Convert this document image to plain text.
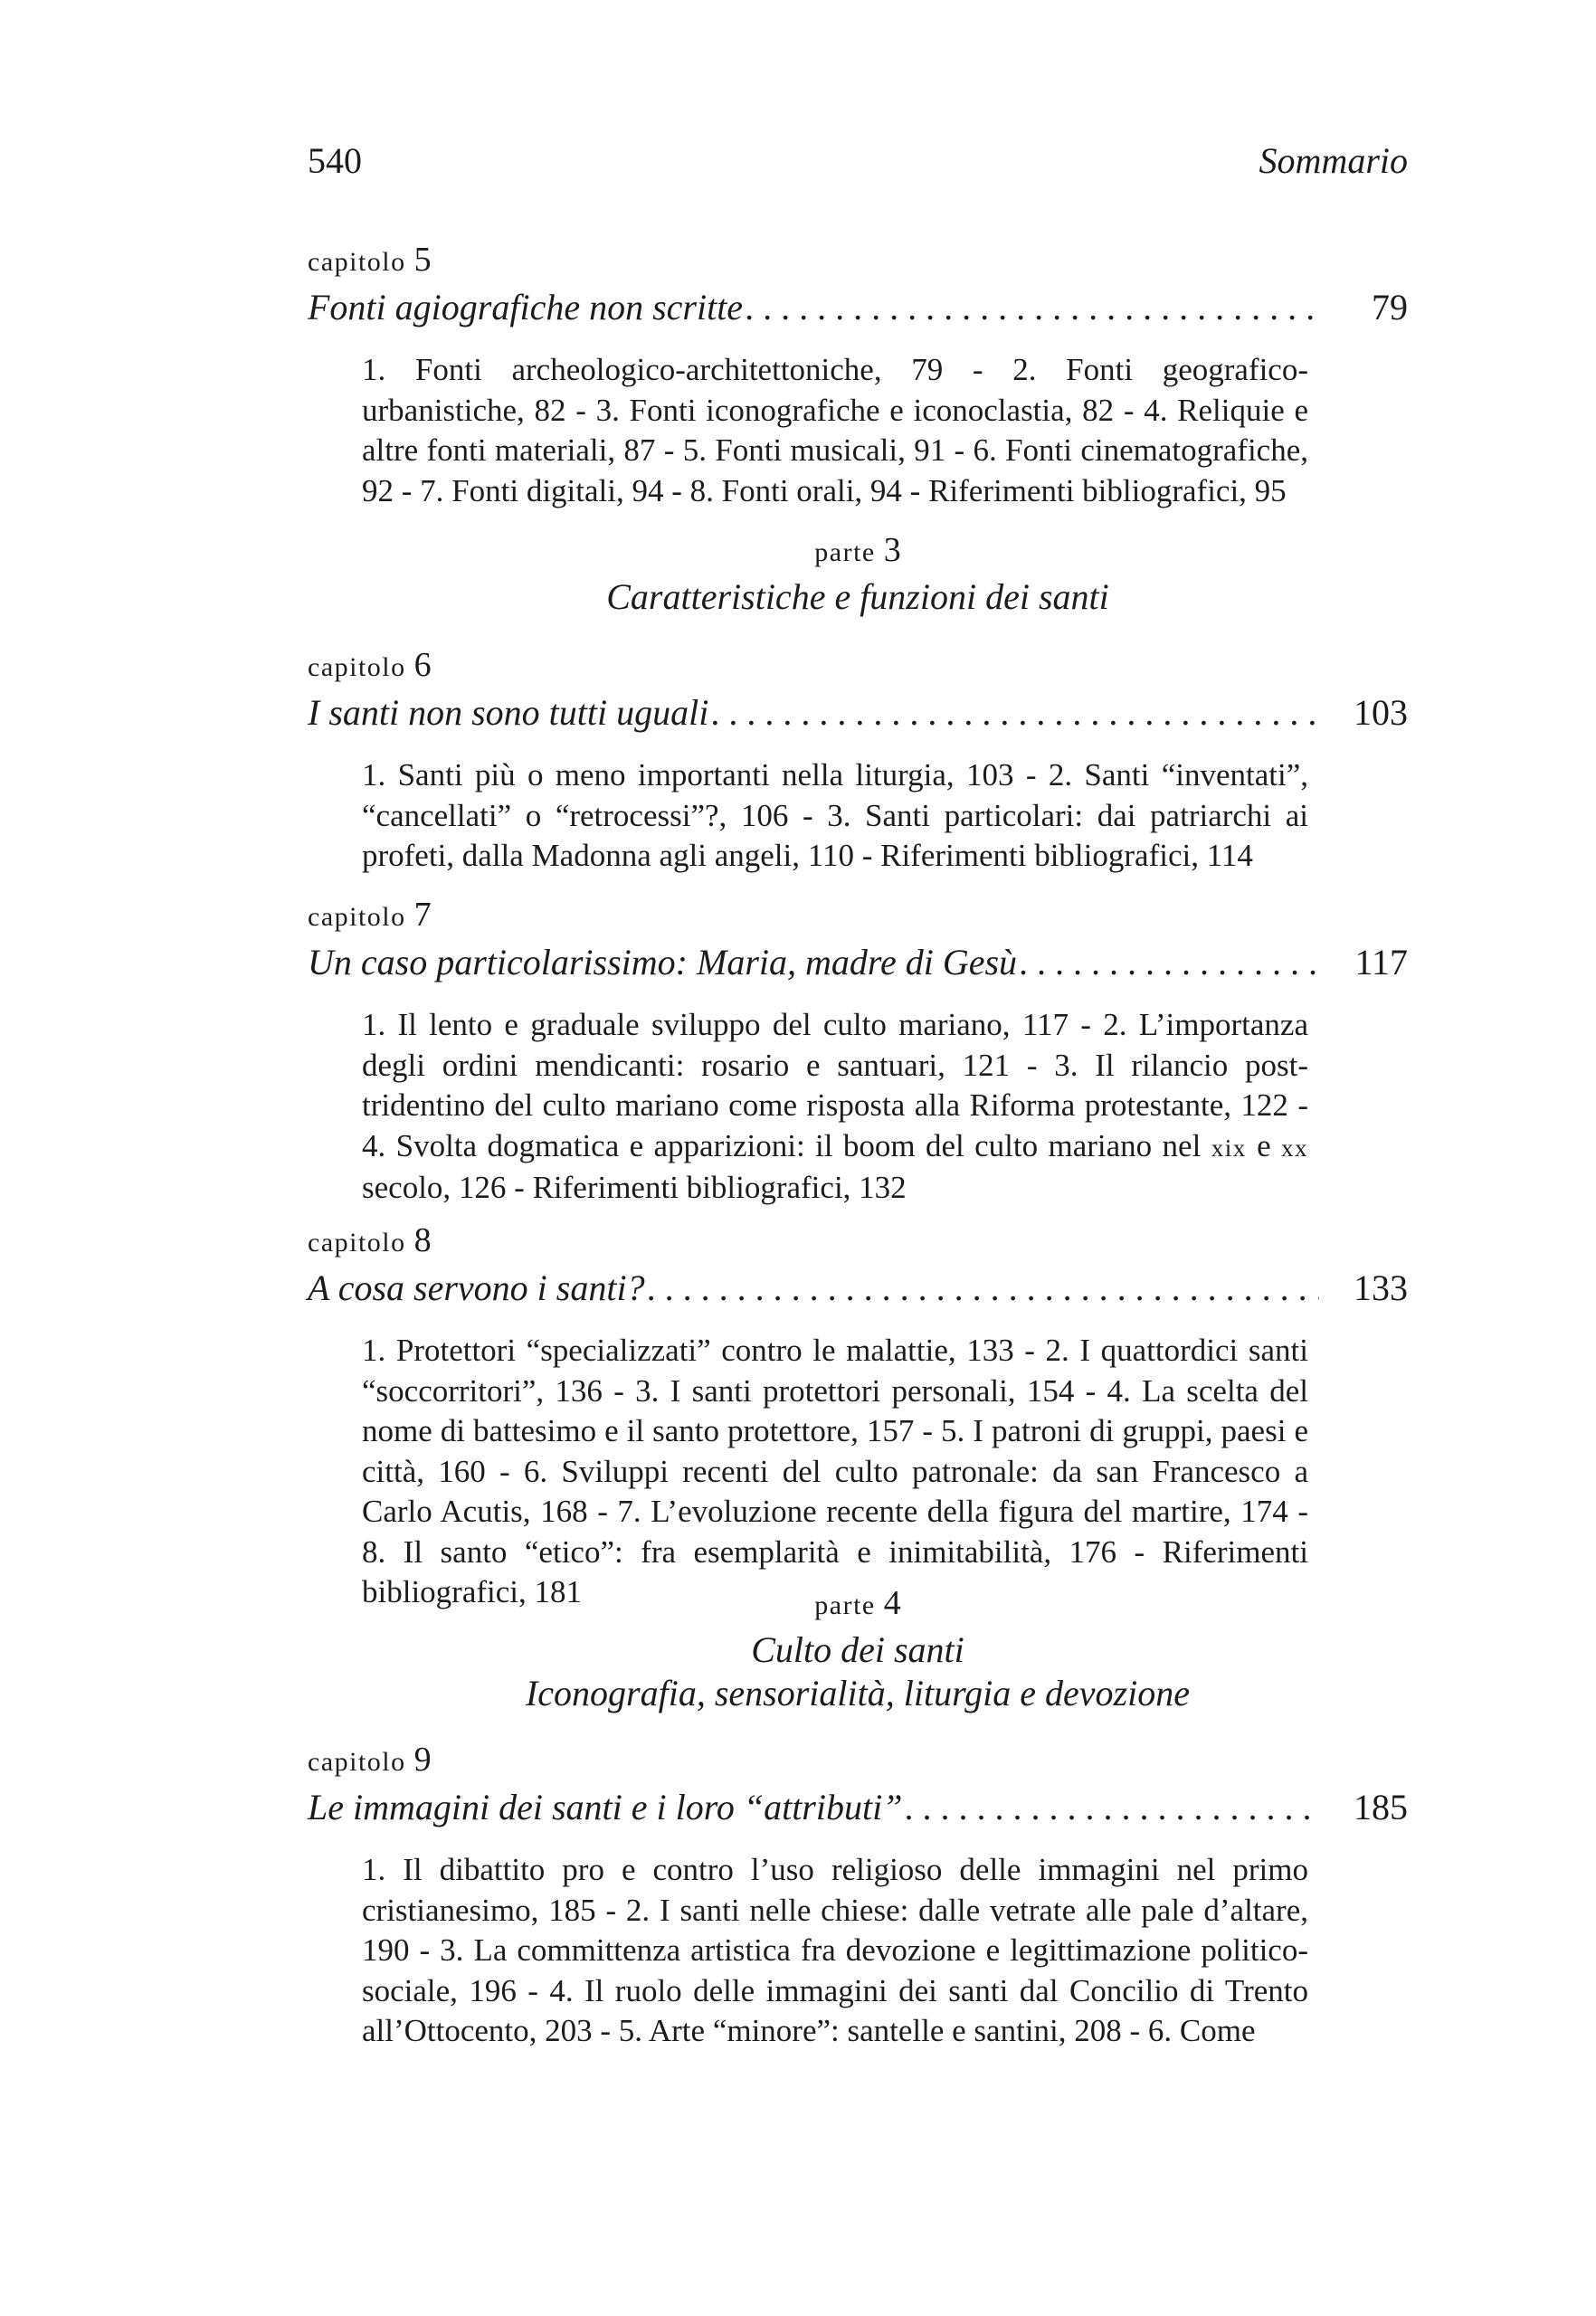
540	Sommario
capitolo 5
Fonti agiografiche non scritte . . .	79
1. Fonti archeologico-architettoniche, 79 - 2. Fonti geografico-urbanistiche, 82 - 3. Fonti iconografiche e iconoclastia, 82 - 4. Reliquie e altre fonti materiali, 87 - 5. Fonti musicali, 91 - 6. Fonti cinematografiche, 92 - 7. Fonti digitali, 94 - 8. Fonti orali, 94 - Riferimenti bibliografici, 95
parte 3
Caratteristiche e funzioni dei santi
capitolo 6
I santi non sono tutti uguali . . .	103
1. Santi più o meno importanti nella liturgia, 103 - 2. Santi “inventati”, “cancellati” o “retrocessi”?, 106 - 3. Santi particolari: dai patriarchi ai profeti, dalla Madonna agli angeli, 110 - Riferimenti bibliografici, 114
capitolo 7
Un caso particolarissimo: Maria, madre di Gesù . . .	117
1. Il lento e graduale sviluppo del culto mariano, 117 - 2. L’importanza degli ordini mendicanti: rosario e santuari, 121 - 3. Il rilancio post-tridentino del culto mariano come risposta alla Riforma protestante, 122 - 4. Svolta dogmatica e apparizioni: il boom del culto mariano nel xix e xx secolo, 126 - Riferimenti bibliografici, 132
capitolo 8
A cosa servono i santi? . . .	133
1. Protettori “specializzati” contro le malattie, 133 - 2. I quattordici santi “soccorritori”, 136 - 3. I santi protettori personali, 154 - 4. La scelta del nome di battesimo e il santo protettore, 157 - 5. I patroni di gruppi, paesi e città, 160 - 6. Sviluppi recenti del culto patronale: da san Francesco a Carlo Acutis, 168 - 7. L’evoluzione recente della figura del martire, 174 - 8. Il santo “etico”: fra esemplarità e inimitabilità, 176 - Riferimenti bibliografici, 181	parte 4
Culto dei santi
Iconografia, sensorialità, liturgia e devozione
capitolo 9
Le immagini dei santi e i loro “attributi” . . .	185
1. Il dibattito pro e contro l’uso religioso delle immagini nel primo cristianesimo, 185 - 2. I santi nelle chiese: dalle vetrate alle pale d’altare, 190 - 3. La committenza artistica fra devozione e legittimazione politico-sociale, 196 - 4. Il ruolo delle immagini dei santi dal Concilio di Trento all’Ottocento, 203 - 5. Arte “minore”: santelle e santini, 208 - 6. Come
